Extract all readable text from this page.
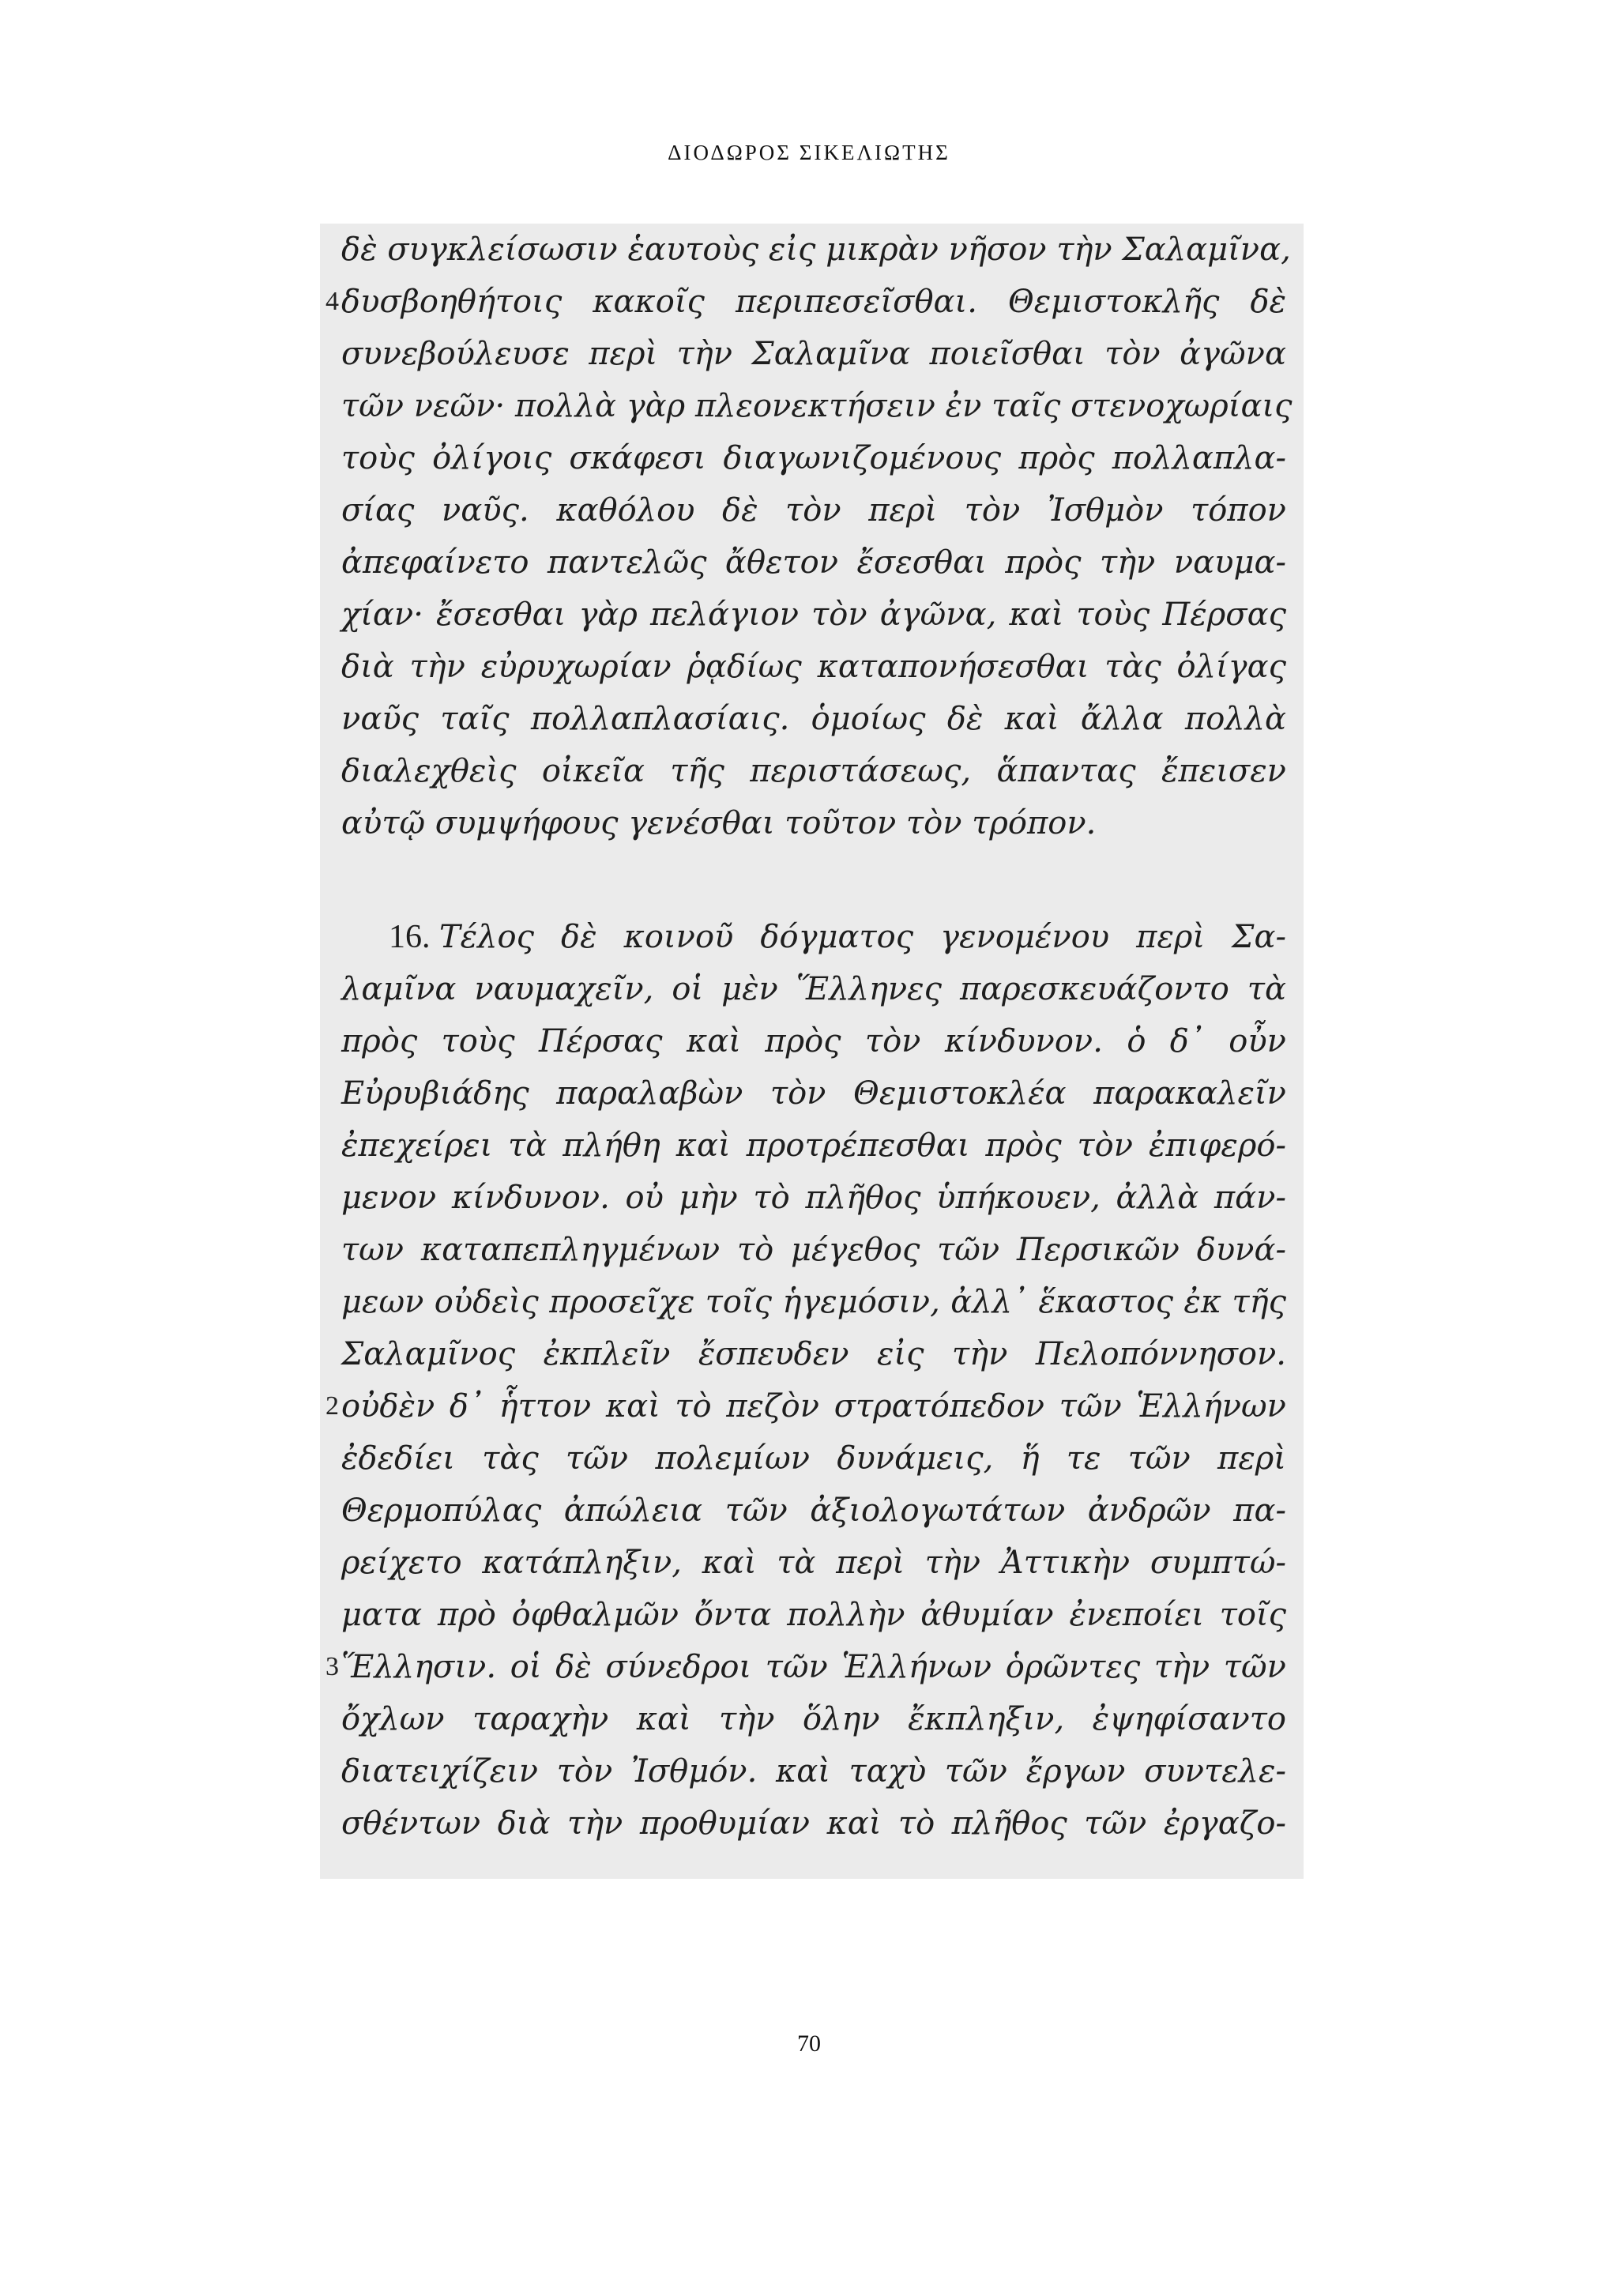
ΔΙΟΔΩΡΟΣ ΣΙΚΕΛΙΩΤΗΣ
δὲ συγκλείσωσιν ἑαυτοὺς εἰς μικρὰν νῆσον τὴν Σαλαμῖνα,
4 δυσβοηθήτοις κακοῖς περιπεσεῖσθαι. Θεμιστοκλῆς δὲ
συνεβούλευσε περὶ τὴν Σαλαμῖνα ποιεῖσθαι τὸν ἀγῶνα
τῶν νεῶν· πολλὰ γὰρ πλεονεκτήσειν ἐν ταῖς στενοχωρίαις
τοὺς ὀλίγοις σκάφεσι διαγωνιζομένους πρὸς πολλαπλα-
σίας ναῦς. καθόλου δὲ τὸν περὶ τὸν Ἰσθμὸν τόπον
ἀπεφαίνετο παντελῶς ἄθετον ἔσεσθαι πρὸς τὴν ναυμα-
χίαν· ἔσεσθαι γὰρ πελάγιον τὸν ἀγῶνα, καὶ τοὺς Πέρσας
διὰ τὴν εὐρυχωρίαν ῥᾳδίως καταπονήσεσθαι τὰς ὀλίγας
ναῦς ταῖς πολλαπλασίαις. ὁμοίως δὲ καὶ ἄλλα πολλὰ
διαλεχθεὶς οἰκεῖα τῆς περιστάσεως, ἅπαντας ἔπεισεν
αὐτῷ συμψήφους γενέσθαι τοῦτον τὸν τρόπον.
16. Τέλος δὲ κοινοῦ δόγματος γενομένου περὶ Σα-
λαμῖνα ναυμαχεῖν, οἱ μὲν Ἕλληνες παρεσκευάζοντο τὰ
πρὸς τοὺς Πέρσας καὶ πρὸς τὸν κίνδυνον. ὁ δ᾽ οὖν
Εὐρυβιάδης παραλαβὼν τὸν Θεμιστοκλέα παρακαλεῖν
ἐπεχείρει τὰ πλήθη καὶ προτρέπεσθαι πρὸς τὸν ἐπιφερό-
μενον κίνδυνον. οὐ μὴν τὸ πλῆθος ὑπήκουεν, ἀλλὰ πάν-
των καταπεπληγμένων τὸ μέγεθος τῶν Περσικῶν δυνά-
μεων οὐδεὶς προσεῖχε τοῖς ἡγεμόσιν, ἀλλ᾽ ἕκαστος ἐκ τῆς
Σαλαμῖνος ἐκπλεῖν ἔσπευδεν εἰς τὴν Πελοπόννησον.
2 οὐδὲν δ᾽ ἧττον καὶ τὸ πεζὸν στρατόπεδον τῶν Ἑλλήνων
ἐδεδίει τὰς τῶν πολεμίων δυνάμεις, ἥ τε τῶν περὶ
Θερμοπύλας ἀπώλεια τῶν ἀξιολογωτάτων ἀνδρῶν πα-
ρείχετο κατάπληξιν, καὶ τὰ περὶ τὴν Ἀττικὴν συμπτώ-
ματα πρὸ ὀφθαλμῶν ὄντα πολλὴν ἀθυμίαν ἐνεποίει τοῖς
3 Ἕλλησιν. οἱ δὲ σύνεδροι τῶν Ἑλλήνων ὁρῶντες τὴν τῶν
ὄχλων ταραχὴν καὶ τὴν ὅλην ἔκπληξιν, ἐψηφίσαντο
διατειχίζειν τὸν Ἰσθμόν. καὶ ταχὺ τῶν ἔργων συντελε-
σθέντων διὰ τὴν προθυμίαν καὶ τὸ πλῆθος τῶν ἐργαζο-
70
